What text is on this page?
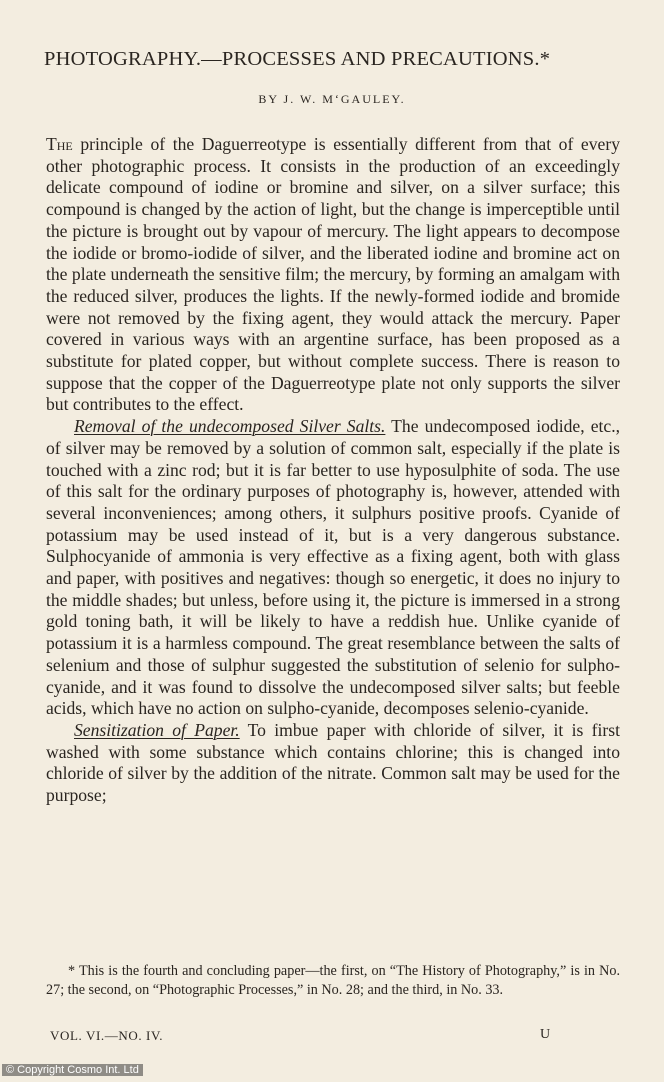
PHOTOGRAPHY.—PROCESSES AND PRECAUTIONS.*
BY J. W. M‘GAULEY.

The principle of the Daguerreotype is essentially different from that of every other photographic process. It consists in the production of an exceedingly delicate compound of iodine or bromine and silver, on a silver surface; this compound is changed by the action of light, but the change is imperceptible until the picture is brought out by vapour of mercury. The light appears to decompose the iodide or bromo-iodide of silver, and the liberated iodine and bromine act on the plate underneath the sensitive film; the mercury, by forming an amalgam with the reduced silver, produces the lights. If the newly-formed iodide and bromide were not removed by the fixing agent, they would attack the mercury. Paper covered in various ways with an argentine surface, has been proposed as a substitute for plated copper, but without complete success. There is reason to suppose that the copper of the Daguerreotype plate not only supports the silver but contributes to the effect.

Removal of the undecomposed Silver Salts. The undecomposed iodide, etc., of silver may be removed by a solution of common salt, especially if the plate is touched with a zinc rod; but it is far better to use hyposulphite of soda. The use of this salt for the ordinary purposes of photography is, however, attended with several inconveniences; among others, it sulphurs positive proofs. Cyanide of potassium may be used instead of it, but is a very dangerous substance. Sulphocyanide of ammonia is very effective as a fixing agent, both with glass and paper, with positives and negatives: though so energetic, it does no injury to the middle shades; but unless, before using it, the picture is immersed in a strong gold toning bath, it will be likely to have a reddish hue. Unlike cyanide of potassium it is a harmless compound. The great resemblance between the salts of selenium and those of sulphur suggested the substitution of selenio for sulpho-cyanide, and it was found to dissolve the undecomposed silver salts; but feeble acids, which have no action on sulpho-cyanide, decomposes selenio-cyanide.

Sensitization of Paper. To imbue paper with chloride of silver, it is first washed with some substance which contains chlorine; this is changed into chloride of silver by the addition of the nitrate. Common salt may be used for the purpose;

* This is the fourth and concluding paper—the first, on “The History of Photography,” is in No. 27; the second, on “Photographic Processes,” in No. 28; and the third, in No. 33.
VOL. VI.—NO. IV.	U
© Copyright Cosmo Int. Ltd
